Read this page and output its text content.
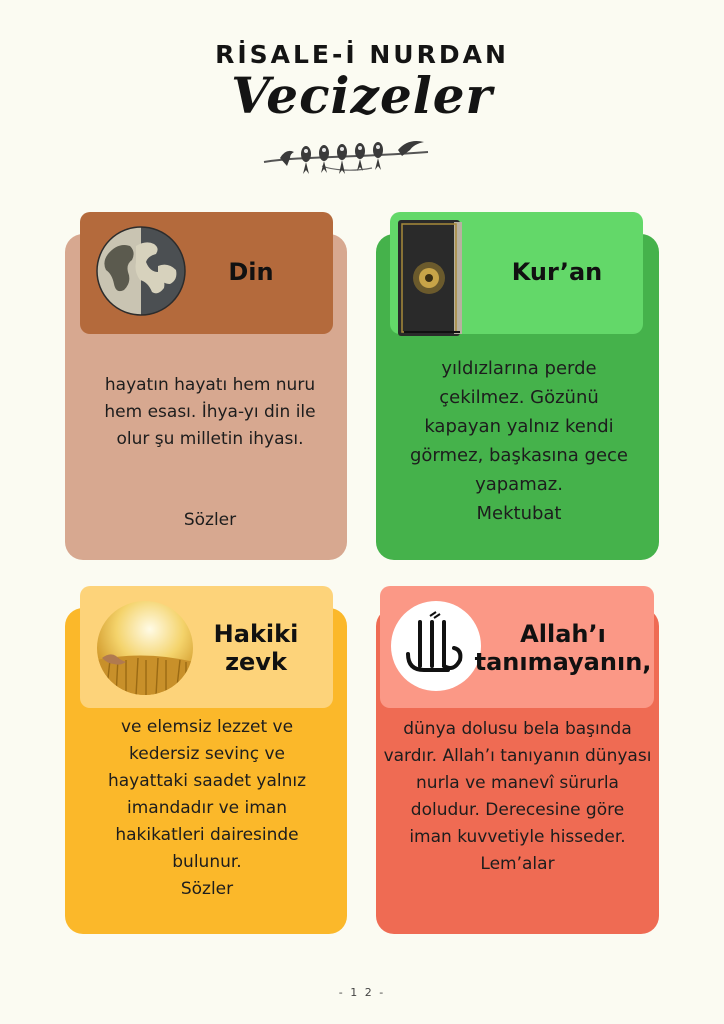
RİSALE-İ NURDAN
Vecizeler
Din
hayatın hayatı hem nuru
hem esası. İhya-yı din ile
olur şu milletin ihyası.

Sözler
Kur’an
yıldızlarına perde
çekilmez. Gözünü
kapayan yalnız kendi
görmez, başkasına gece
yapamaz.
Mektubat
Hakiki
zevk
ve elemsiz lezzet ve
kedersiz sevinç ve
hayattaki saadet yalnız
imandadır ve iman
hakikatleri dairesinde
bulunur.
Sözler
Allah’ı
tanımayanın,
dünya dolusu bela başında
vardır. Allah’ı tanıyanın dünyası
nurla ve manevî sürurla
doludur. Derecesine göre
iman kuvvetiyle hisseder.
Lem’alar
- 1 2 -
